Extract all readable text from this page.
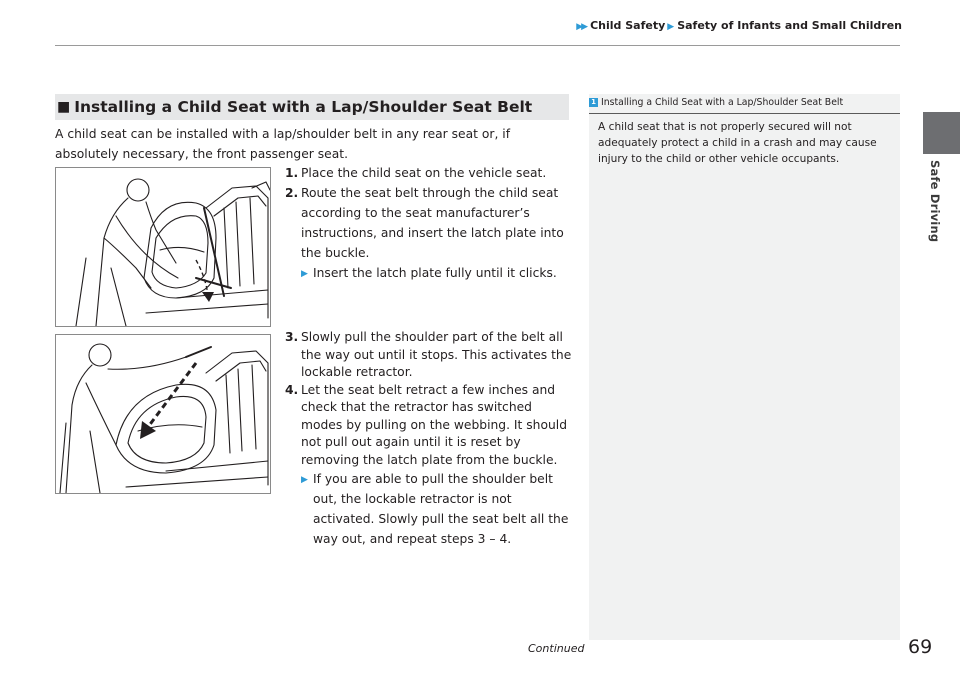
▶▶ Child Safety ▶ Safety of Infants and Small Children
Safe Driving
■ Installing a Child Seat with a Lap/Shoulder Seat Belt
A child seat can be installed with a lap/shoulder belt in any rear seat or, if absolutely necessary, the front passenger seat.
1. Place the child seat on the vehicle seat.
2. Route the seat belt through the child seat according to the seat manufacturer’s instructions, and insert the latch plate into the buckle.
▶ Insert the latch plate fully until it clicks.
3. Slowly pull the shoulder part of the belt all the way out until it stops. This activates the lockable retractor.
4. Let the seat belt retract a few inches and check that the retractor has switched modes by pulling on the webbing. It should not pull out again until it is reset by removing the latch plate from the buckle.
▶ If you are able to pull the shoulder belt out, the lockable retractor is not activated. Slowly pull the seat belt all the way out, and repeat steps 3 – 4.
1 Installing a Child Seat with a Lap/Shoulder Seat Belt
A child seat that is not properly secured will not adequately protect a child in a crash and may cause injury to the child or other vehicle occupants.
Continued	69
